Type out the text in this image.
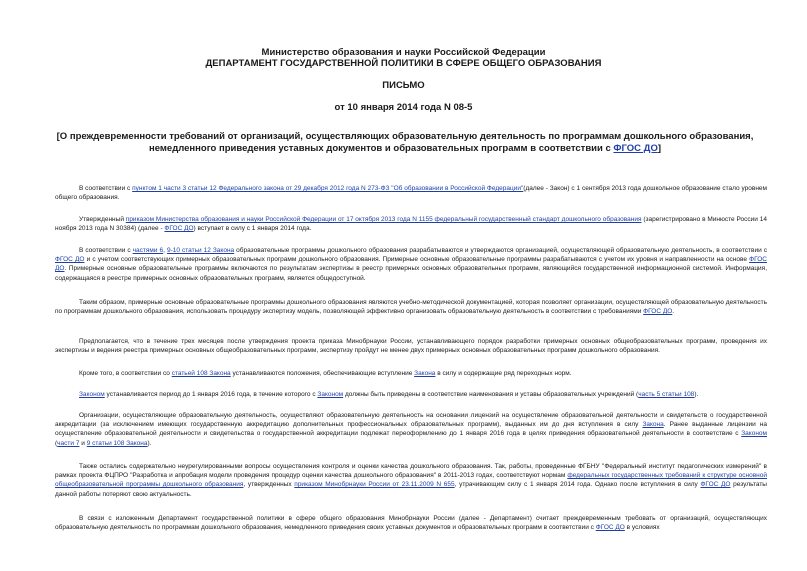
Министерство образования и науки Российской Федерации
ДЕПАРТАМЕНТ ГОСУДАРСТВЕННОЙ ПОЛИТИКИ В СФЕРЕ ОБЩЕГО ОБРАЗОВАНИЯ
ПИСЬМО
от 10 января 2014 года N 08-5
[О преждевременности требований от организаций, осуществляющих образовательную деятельность по программам дошкольного образования, немедленного приведения уставных документов и образовательных программ в соответствии с ФГОС ДО]

В соответствии с пунктом 1 части 3 статьи 12 Федерального закона от 29 декабря 2012 года N 273-ФЗ "Об образовании в Российской Федерации"(далее - Закон) с 1 сентября 2013 года дошкольное образование стало уровнем общего образования.

Утвержденный приказом Министерства образования и науки Российской Федерации от 17 октября 2013 года N 1155 федеральный государственный стандарт дошкольного образования (зарегистрировано в Минюсте России 14 ноября 2013 года N 30384) (далее - ФГОС ДО) вступает в силу с 1 января 2014 года.

В соответствии с частями 6, 9-10 статьи 12 Закона образовательные программы дошкольного образования разрабатываются и утверждаются организацией, осуществляющей образовательную деятельность, в соответствии с ФГОС ДО и с учетом соответствующих примерных образовательных программ дошкольного образования. Примерные основные образовательные программы разрабатываются с учетом их уровня и направленности на основе ФГОС ДО. Примерные основные образовательные программы включаются по результатам экспертизы в реестр примерных основных образовательных программ, являющийся государственной информационной системой. Информация, содержащаяся в реестре примерных основных образовательных программ, является общедоступной.

Таким образом, примерные основные образовательные программы дошкольного образования являются учебно-методической документацией, которая позволяет организации, осуществляющей образовательную деятельность по программам дошкольного образования, использовать процедуру экспертизу модель, позволяющей эффективно организовать образовательную деятельность в соответствии с требованиями ФГОС ДО.

Предполагается, что в течение трех месяцев после утверждения проекта приказа Минобрнауки России, устанавливающего порядок разработки примерных основных общеобразовательных программ, проведения их экспертизы и ведения реестра примерных основных общеобразовательных программ, экспертизу пройдут не менее двух примерных основных образовательных программ дошкольного образования.

Кроме того, в соответствии со статьей 108 Закона устанавливаются положения, обеспечивающие вступление Закона в силу и содержащие ряд переходных норм.

Законом устанавливается период до 1 января 2016 года, в течение которого с Законом должны быть приведены в соответствие наименования и уставы образовательных учреждений (часть 5 статьи 108).

Организации, осуществляющие образовательную деятельность, осуществляют образовательную деятельность на основании лицензий на осуществление образовательной деятельности и свидетельств о государственной аккредитации (за исключением имеющих государственную аккредитацию дополнительных профессиональных образовательных программ), выданных им до дня вступления в силу Закона. Ранее выданные лицензии на осуществление образовательной деятельности и свидетельства о государственной аккредитации подлежат переоформлению до 1 января 2016 года в целях приведения образовательной деятельности в соответствие с Законом (части 7 и 9 статьи 108 Закона).

Также остались содержательно неурегулированными вопросы осуществления контроля и оценки качества дошкольного образования. Так, работы, проведенные ФГБНУ "Федеральный институт педагогических измерений" в рамках проекта ФЦПРО "Разработка и апробация модели проведения процедур оценки качества дошкольного образования" в 2011-2013 годах, соответствуют нормам федеральных государственных требований к структуре основной общеобразовательной программы дошкольного образования, утвержденных приказом Минобрнауки России от 23.11.2009 N 655, утрачивающим силу с 1 января 2014 года. Однако после вступления в силу ФГОС ДО результаты данной работы потеряют свою актуальность.

В связи с изложенным Департамент государственной политики в сфере общего образования Минобрнауки России (далее - Департамент) считает преждевременным требовать от организаций, осуществляющих образовательную деятельность по программам дошкольного образования, немедленного приведения своих уставных документов и образовательных программ в соответствии с ФГОС ДО в условиях
